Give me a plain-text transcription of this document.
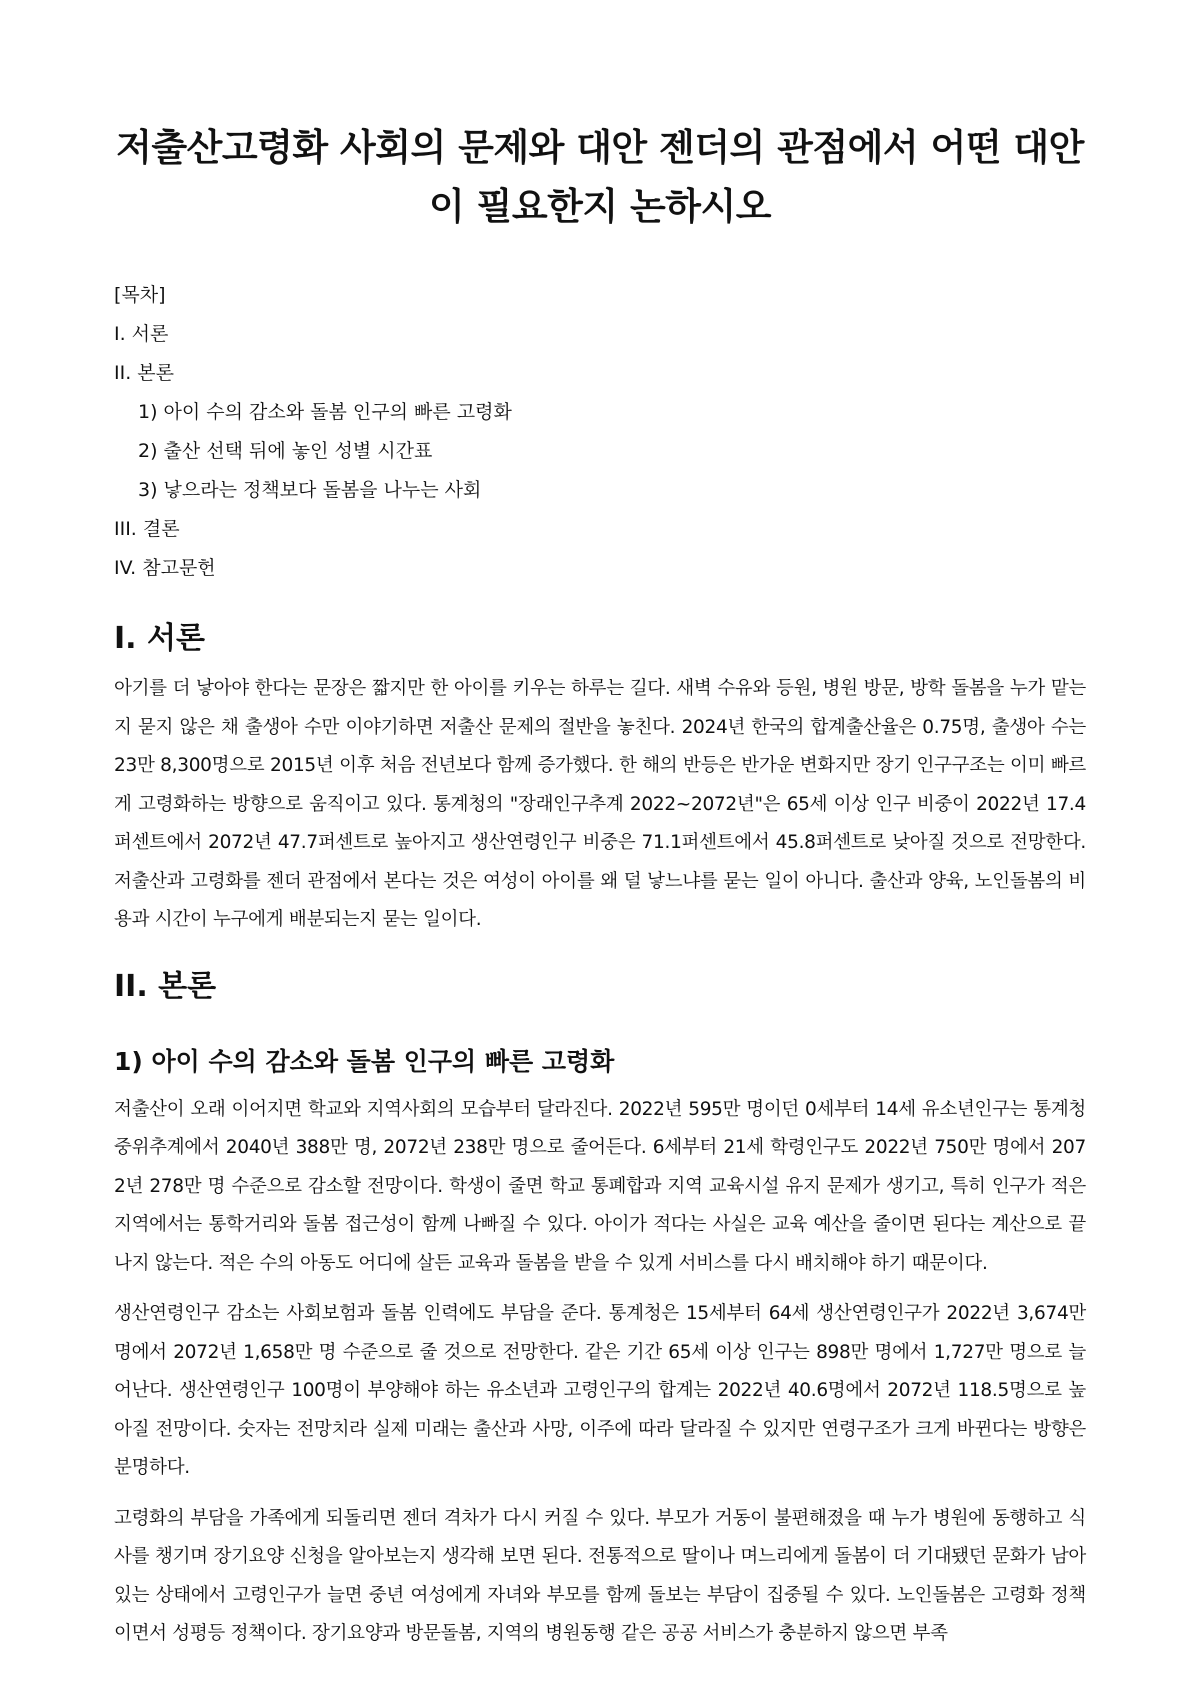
저출산고령화 사회의 문제와 대안 젠더의 관점에서 어떤 대안이 필요한지 논하시오

[목차]

I. 서론
II. 본론
1) 아이 수의 감소와 돌봄 인구의 빠른 고령화
2) 출산 선택 뒤에 놓인 성별 시간표
3) 낳으라는 정책보다 돌봄을 나누는 사회
III. 결론
IV. 참고문헌
I. 서론

아기를 더 낳아야 한다는 문장은 짧지만 한 아이를 키우는 하루는 길다. 새벽 수유와 등원, 병원 방문, 방학 돌봄을 누가 맡는지 묻지 않은 채 출생아 수만 이야기하면 저출산 문제의 절반을 놓친다. 2024년 한국의 합계출산율은 0.75명, 출생아 수는 23만 8,300명으로 2015년 이후 처음 전년보다 함께 증가했다. 한 해의 반등은 반가운 변화지만 장기 인구구조는 이미 빠르게 고령화하는 방향으로 움직이고 있다. 통계청의 "장래인구추계 2022~2072년"은 65세 이상 인구 비중이 2022년 17.4퍼센트에서 2072년 47.7퍼센트로 높아지고 생산연령인구 비중은 71.1퍼센트에서 45.8퍼센트로 낮아질 것으로 전망한다. 저출산과 고령화를 젠더 관점에서 본다는 것은 여성이 아이를 왜 덜 낳느냐를 묻는 일이 아니다. 출산과 양육, 노인돌봄의 비용과 시간이 누구에게 배분되는지 묻는 일이다.

II. 본론
1) 아이 수의 감소와 돌봄 인구의 빠른 고령화

저출산이 오래 이어지면 학교와 지역사회의 모습부터 달라진다. 2022년 595만 명이던 0세부터 14세 유소년인구는 통계청 중위추계에서 2040년 388만 명, 2072년 238만 명으로 줄어든다. 6세부터 21세 학령인구도 2022년 750만 명에서 2072년 278만 명 수준으로 감소할 전망이다. 학생이 줄면 학교 통폐합과 지역 교육시설 유지 문제가 생기고, 특히 인구가 적은 지역에서는 통학거리와 돌봄 접근성이 함께 나빠질 수 있다. 아이가 적다는 사실은 교육 예산을 줄이면 된다는 계산으로 끝나지 않는다. 적은 수의 아동도 어디에 살든 교육과 돌봄을 받을 수 있게 서비스를 다시 배치해야 하기 때문이다.

생산연령인구 감소는 사회보험과 돌봄 인력에도 부담을 준다. 통계청은 15세부터 64세 생산연령인구가 2022년 3,674만 명에서 2072년 1,658만 명 수준으로 줄 것으로 전망한다. 같은 기간 65세 이상 인구는 898만 명에서 1,727만 명으로 늘어난다. 생산연령인구 100명이 부양해야 하는 유소년과 고령인구의 합계는 2022년 40.6명에서 2072년 118.5명으로 높아질 전망이다. 숫자는 전망치라 실제 미래는 출산과 사망, 이주에 따라 달라질 수 있지만 연령구조가 크게 바뀐다는 방향은 분명하다.

고령화의 부담을 가족에게 되돌리면 젠더 격차가 다시 커질 수 있다. 부모가 거동이 불편해졌을 때 누가 병원에 동행하고 식사를 챙기며 장기요양 신청을 알아보는지 생각해 보면 된다. 전통적으로 딸이나 며느리에게 돌봄이 더 기대됐던 문화가 남아 있는 상태에서 고령인구가 늘면 중년 여성에게 자녀와 부모를 함께 돌보는 부담이 집중될 수 있다. 노인돌봄은 고령화 정책이면서 성평등 정책이다. 장기요양과 방문돌봄, 지역의 병원동행 같은 공공 서비스가 충분하지 않으면 부족
